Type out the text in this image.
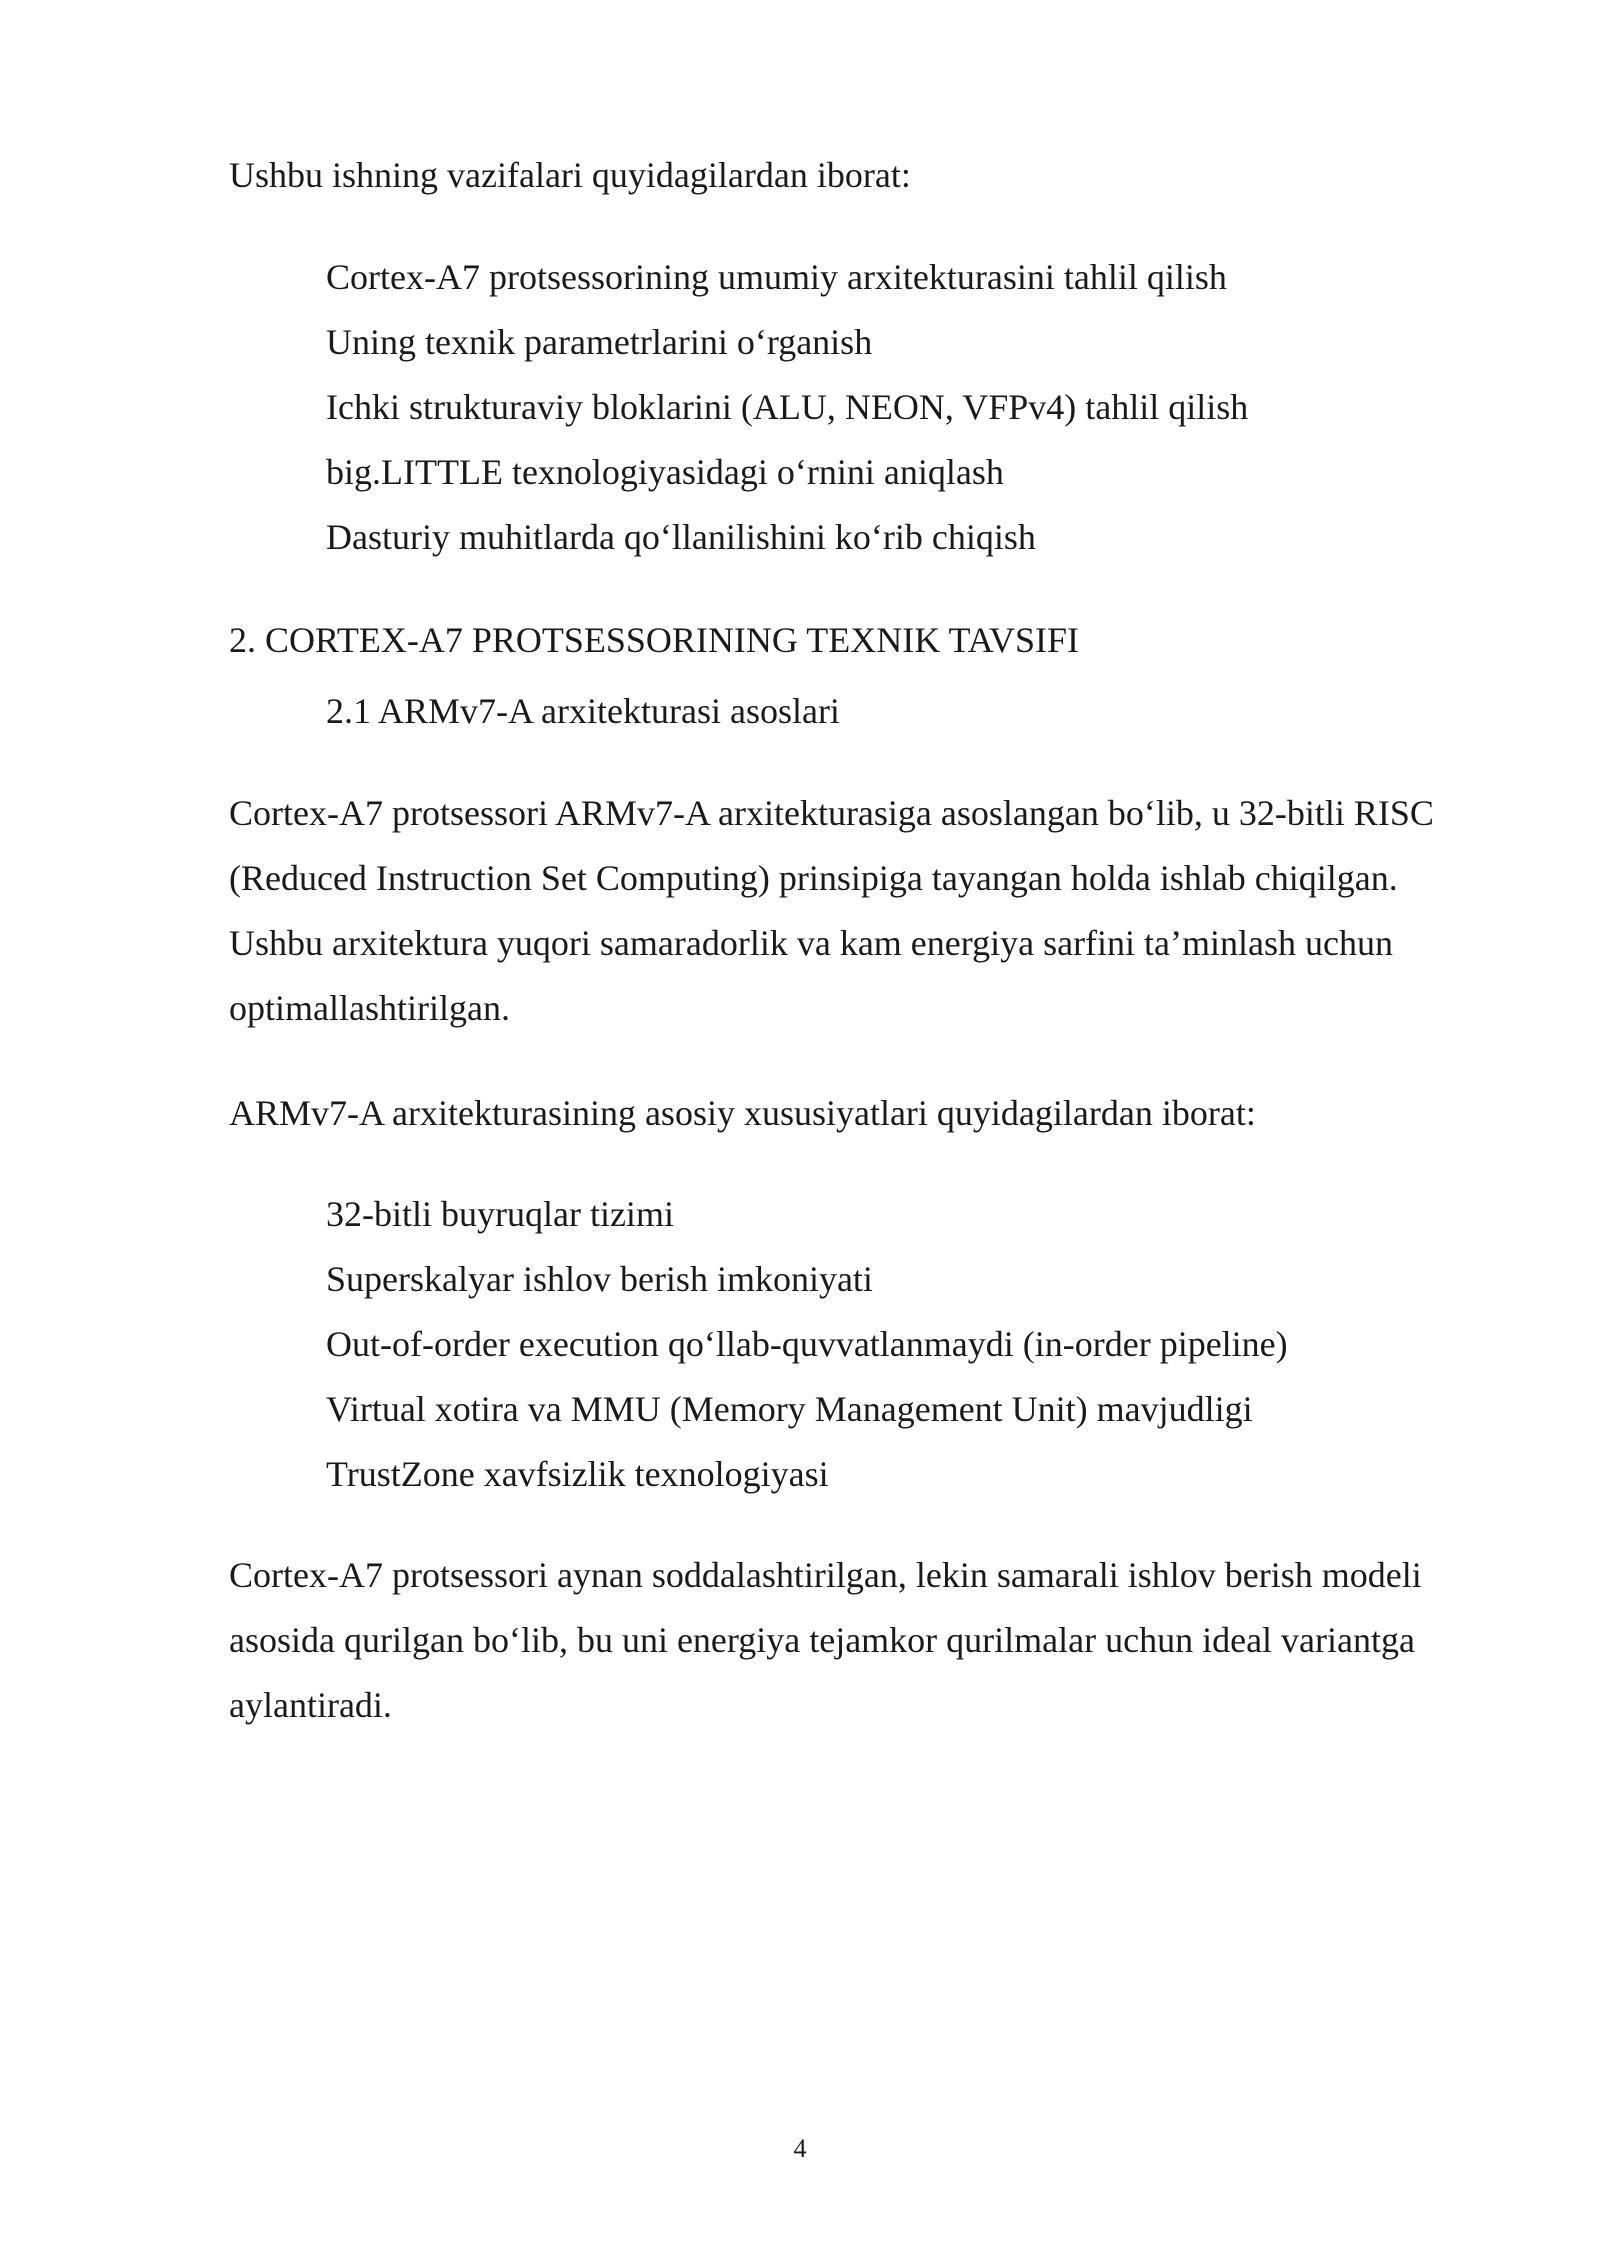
Ushbu ishning vazifalari quyidagilardan iborat:

Cortex-A7 protsessorining umumiy arxitekturasini tahlil qilish
Uning texnik parametrlarini o‘rganish
Ichki strukturaviy bloklarini (ALU, NEON, VFPv4) tahlil qilish
big.LITTLE texnologiyasidagi o‘rnini aniqlash
Dasturiy muhitlarda qo‘llanilishini ko‘rib chiqish
2. CORTEX-A7 PROTSESSORINING TEXNIK TAVSIFI
2.1 ARMv7-A arxitekturasi asoslari

Cortex-A7 protsessori ARMv7-A arxitekturasiga asoslangan bo‘lib, u 32-bitli RISC
(Reduced Instruction Set Computing) prinsipiga tayangan holda ishlab chiqilgan.
Ushbu arxitektura yuqori samaradorlik va kam energiya sarfini ta’minlash uchun
optimallashtirilgan.

ARMv7-A arxitekturasining asosiy xususiyatlari quyidagilardan iborat:

32-bitli buyruqlar tizimi
Superskalyar ishlov berish imkoniyati
Out-of-order execution qo‘llab-quvvatlanmaydi (in-order pipeline)
Virtual xotira va MMU (Memory Management Unit) mavjudligi
TrustZone xavfsizlik texnologiyasi

Cortex-A7 protsessori aynan soddalashtirilgan, lekin samarali ishlov berish modeli
asosida qurilgan bo‘lib, bu uni energiya tejamkor qurilmalar uchun ideal variantga
aylantiradi.

4
